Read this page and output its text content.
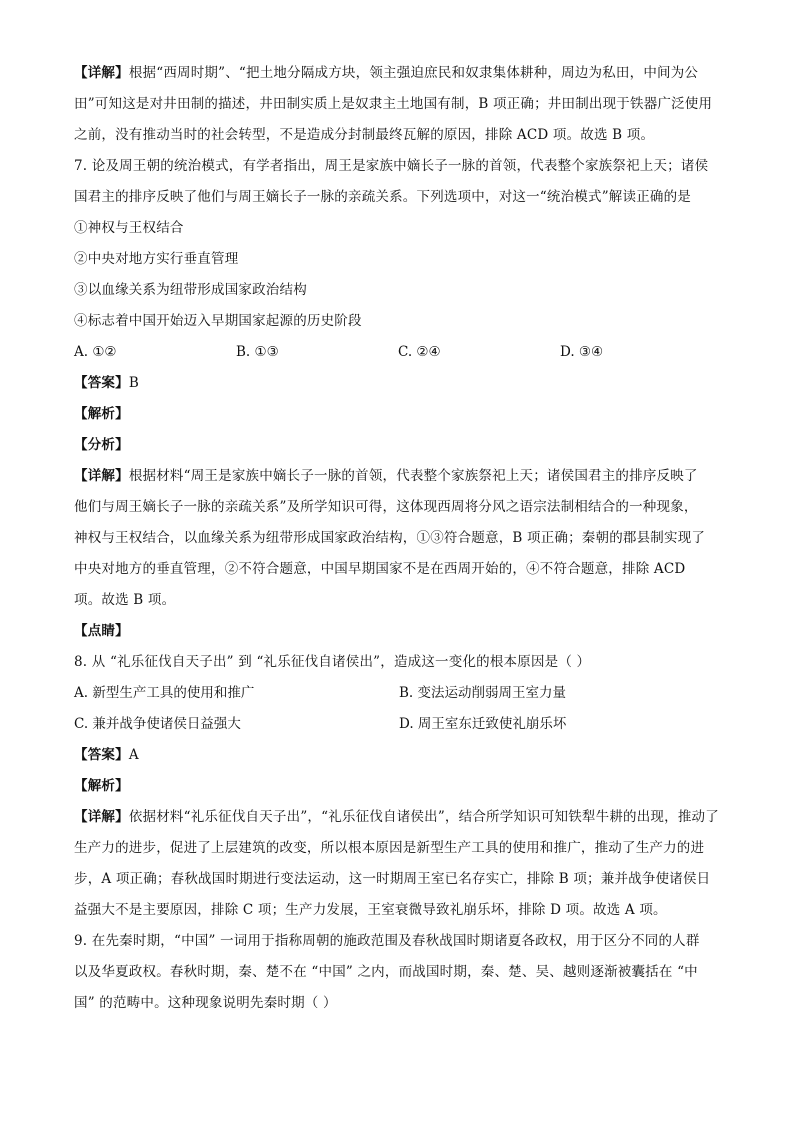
【详解】根据“西周时期”、“把土地分隔成方块，领主强迫庶民和奴隶集体耕种，周边为私田，中间为公
田”可知这是对井田制的描述，井田制实质上是奴隶主土地国有制，B 项正确；井田制出现于铁器广泛使用
之前，没有推动当时的社会转型，不是造成分封制最终瓦解的原因，排除 ACD 项。故选 B 项。
7. 论及周王朝的统治模式，有学者指出，周王是家族中嫡长子一脉的首领，代表整个家族祭祀上天；诸侯
国君主的排序反映了他们与周王嫡长子一脉的亲疏关系。下列选项中，对这一“统治模式”解读正确的是
①神权与王权结合
②中央对地方实行垂直管理
③以血缘关系为纽带形成国家政治结构
④标志着中国开始迈入早期国家起源的历史阶段
A. ①②	B. ①③	C. ②④	D. ③④
【答案】B
【解析】
【分析】
【详解】根据材料“周王是家族中嫡长子一脉的首领，代表整个家族祭祀上天；诸侯国君主的排序反映了
他们与周王嫡长子一脉的亲疏关系”及所学知识可得，这体现西周将分风之语宗法制相结合的一种现象，
神权与王权结合，以血缘关系为纽带形成国家政治结构，①③符合题意，B 项正确；秦朝的郡县制实现了
中央对地方的垂直管理，②不符合题意，中国早期国家不是在西周开始的，④不符合题意，排除 ACD
项。故选 B 项。
【点睛】
8. 从 “礼乐征伐自天子出” 到 “礼乐征伐自诸侯出”，造成这一变化的根本原因是（ ）
A. 新型生产工具的使用和推广	B. 变法运动削弱周王室力量
C. 兼并战争使诸侯日益强大	D. 周王室东迁致使礼崩乐坏
【答案】A
【解析】
【详解】依据材料“礼乐征伐自天子出”，“礼乐征伐自诸侯出”，结合所学知识可知铁犁牛耕的出现，推动了
生产力的进步，促进了上层建筑的改变，所以根本原因是新型生产工具的使用和推广，推动了生产力的进
步，A 项正确；春秋战国时期进行变法运动，这一时期周王室已名存实亡，排除 B 项；兼并战争使诸侯日
益强大不是主要原因，排除 C 项；生产力发展，王室衰微导致礼崩乐坏，排除 D 项。故选 A 项。
9. 在先秦时期，“中国” 一词用于指称周朝的施政范围及春秋战国时期诸夏各政权，用于区分不同的人群
以及华夏政权。春秋时期，秦、楚不在 “中国” 之内，而战国时期，秦、楚、吴、越则逐渐被囊括在 “中
国” 的范畴中。这种现象说明先秦时期（ ）
